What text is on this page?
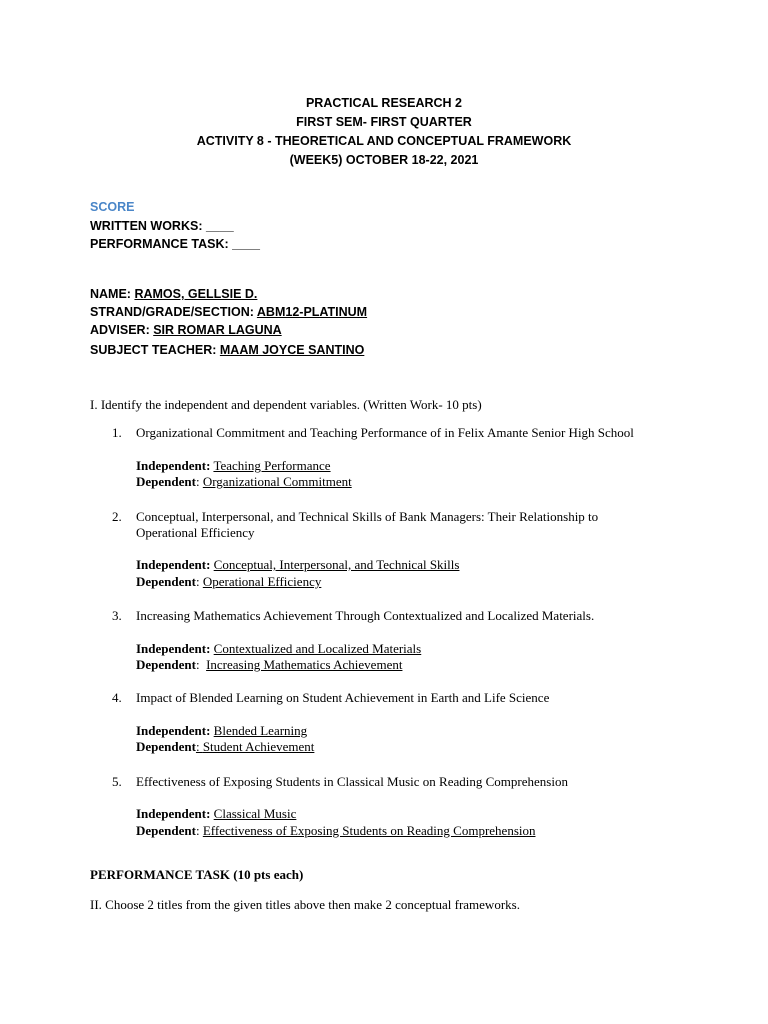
PRACTICAL RESEARCH 2
FIRST SEM- FIRST QUARTER
ACTIVITY 8 - THEORETICAL AND CONCEPTUAL FRAMEWORK
(WEEK5) OCTOBER 18-22, 2021
SCORE
WRITTEN WORKS: ____
PERFORMANCE TASK: ____
NAME: RAMOS, GELLSIE D.
STRAND/GRADE/SECTION: ABM12-PLATINUM
ADVISER: SIR ROMAR LAGUNA
SUBJECT TEACHER: MAAM JOYCE SANTINO
I. Identify the independent and dependent variables. (Written Work- 10 pts)
1. Organizational Commitment and Teaching Performance of in Felix Amante Senior High School
Independent: Teaching Performance
Dependent: Organizational Commitment
2. Conceptual, Interpersonal, and Technical Skills of Bank Managers: Their Relationship to
Operational Efficiency
Independent: Conceptual, Interpersonal, and Technical Skills
Dependent: Operational Efficiency
3. Increasing Mathematics Achievement Through Contextualized and Localized Materials.
Independent: Contextualized and Localized Materials
Dependent:  Increasing Mathematics Achievement
4. Impact of Blended Learning on Student Achievement in Earth and Life Science
Independent: Blended Learning
Dependent: Student Achievement
5. Effectiveness of Exposing Students in Classical Music on Reading Comprehension
Independent: Classical Music
Dependent: Effectiveness of Exposing Students on Reading Comprehension
PERFORMANCE TASK (10 pts each)
II. Choose 2 titles from the given titles above then make 2 conceptual frameworks.
